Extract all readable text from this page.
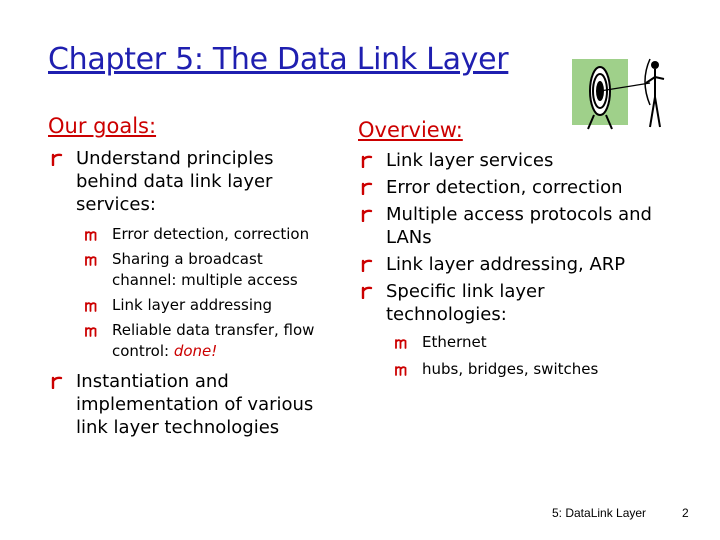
Chapter 5: The Data Link Layer
Our goals:
Understand principles behind data link layer services:
Error detection, correction
Sharing a broadcast channel: multiple access
Link layer addressing
Reliable data transfer, flow control: done!
Instantiation and implementation of various link layer technologies
Overview:
Link layer services
Error detection, correction
Multiple access protocols and LANs
Link layer addressing, ARP
Specific link layer technologies:
Ethernet
hubs, bridges, switches
5: DataLink Layer	2
